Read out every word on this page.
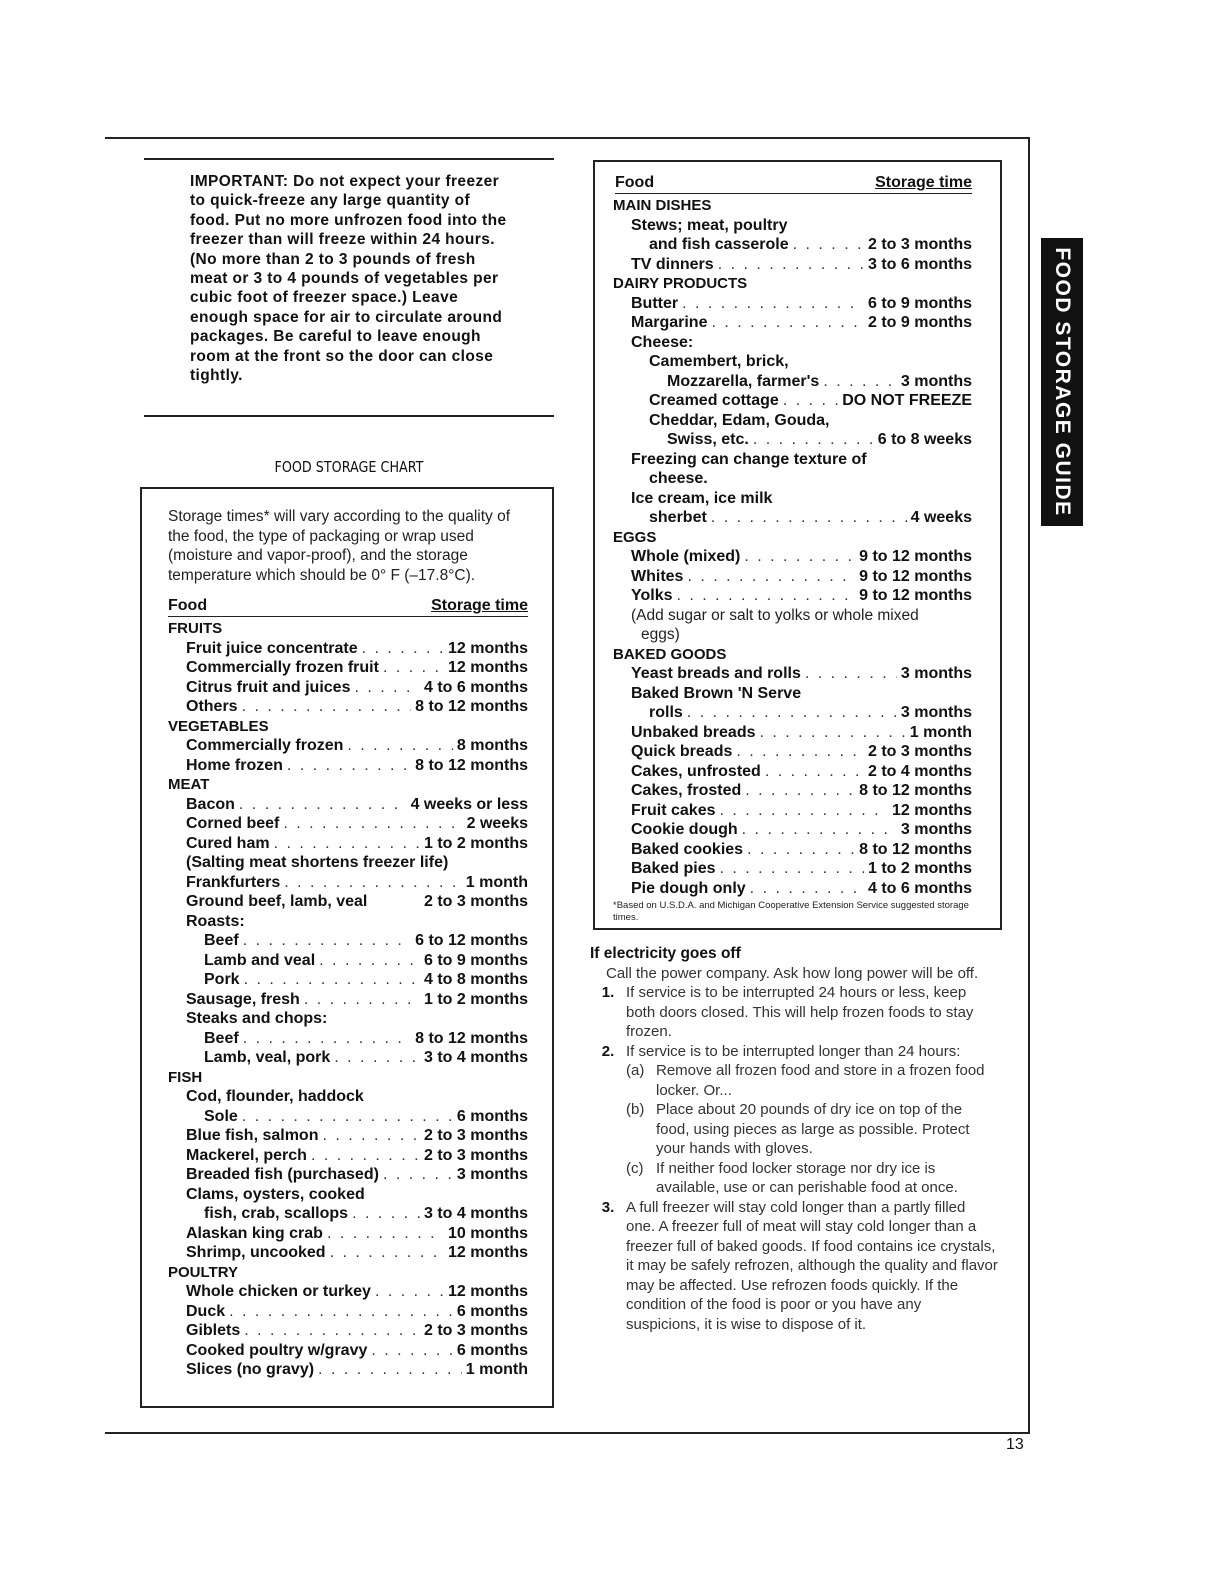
IMPORTANT: Do not expect your freezer to quick-freeze any large quantity of food. Put no more unfrozen food into the freezer than will freeze within 24 hours. (No more than 2 to 3 pounds of fresh meat or 3 to 4 pounds of vegetables per cubic foot of freezer space.) Leave enough space for air to circulate around packages. Be careful to leave enough room at the front so the door can close tightly.
FOOD STORAGE CHART

Storage times* will vary according to the quality of the food, the type of packaging or wrap used (moisture and vapor-proof), and the storage temperature which should be 0° F (–17.8°C).

Food	Storage time
FRUITS
Fruit juice concentrate . . .	12 months
Commercially frozen fruit . . .	12 months
Citrus fruit and juices . . .	4 to 6 months
Others . . .	8 to 12 months
VEGETABLES
Commercially frozen . . .	8 months
Home frozen . . .	8 to 12 months
MEAT
Bacon . . .	4 weeks or less
Corned beef . . .	2 weeks
Cured ham . . .	1 to 2 months
(Salting meat shortens freezer life)
Frankfurters . . .	1 month
Ground beef, lamb, veal	2 to 3 months
Roasts:
Beef . . .	6 to 12 months
Lamb and veal . . .	6 to 9 months
Pork . . .	4 to 8 months
Sausage, fresh . . .	1 to 2 months
Steaks and chops:
Beef . . .	8 to 12 months
Lamb, veal, pork . . .	3 to 4 months
FISH
Cod, flounder, haddock
Sole . . .	6 months
Blue fish, salmon . . .	2 to 3 months
Mackerel, perch . . .	2 to 3 months
Breaded fish (purchased) . . .	3 months
Clams, oysters, cooked
fish, crab, scallops . . .	3 to 4 months
Alaskan king crab . . .	10 months
Shrimp, uncooked . . .	12 months
POULTRY
Whole chicken or turkey . . .	12 months
Duck . . .	6 months
Giblets . . .	2 to 3 months
Cooked poultry w/gravy . . .	6 months
Slices (no gravy) . . .	1 month
Food	Storage time
MAIN DISHES
Stews; meat, poultry
and fish casserole . . .	2 to 3 months
TV dinners . . .	3 to 6 months
DAIRY PRODUCTS
Butter . . .	6 to 9 months
Margarine . . .	2 to 9 months
Cheese:
Camembert, brick,
Mozzarella, farmer's . . .	3 months
Creamed cottage . . .	DO NOT FREEZE
Cheddar, Edam, Gouda,
Swiss, etc. . . .	6 to 8 weeks
Freezing can change texture of
cheese.
Ice cream, ice milk
sherbet . . .	4 weeks
EGGS
Whole (mixed) . . .	9 to 12 months
Whites . . .	9 to 12 months
Yolks . . .	9 to 12 months
(Add sugar or salt to yolks or whole mixed
eggs)
BAKED GOODS
Yeast breads and rolls . . .	3 months
Baked Brown 'N Serve
rolls . . .	3 months
Unbaked breads . . .	1 month
Quick breads . . .	2 to 3 months
Cakes, unfrosted . . .	2 to 4 months
Cakes, frosted . . .	8 to 12 months
Fruit cakes . . .	12 months
Cookie dough . . .	3 months
Baked cookies . . .	8 to 12 months
Baked pies . . .	1 to 2 months
Pie dough only . . .	4 to 6 months
*Based on U.S.D.A. and Michigan Cooperative Extension Service suggested storage times.
If electricity goes off

Call the power company. Ask how long power will be off.

1. If service is to be interrupted 24 hours or less, keep both doors closed. This will help frozen foods to stay frozen.
2. If service is to be interrupted longer than 24 hours:
(a) Remove all frozen food and store in a frozen food locker. Or...
(b) Place about 20 pounds of dry ice on top of the food, using pieces as large as possible. Protect your hands with gloves.
(c) If neither food locker storage nor dry ice is available, use or can perishable food at once.
3. A full freezer will stay cold longer than a partly filled one. A freezer full of meat will stay cold longer than a freezer full of baked goods. If food contains ice crystals, it may be safely refrozen, although the quality and flavor may be affected. Use refrozen foods quickly. If the condition of the food is poor or you have any suspicions, it is wise to dispose of it.
FOOD STORAGE GUIDE
13
